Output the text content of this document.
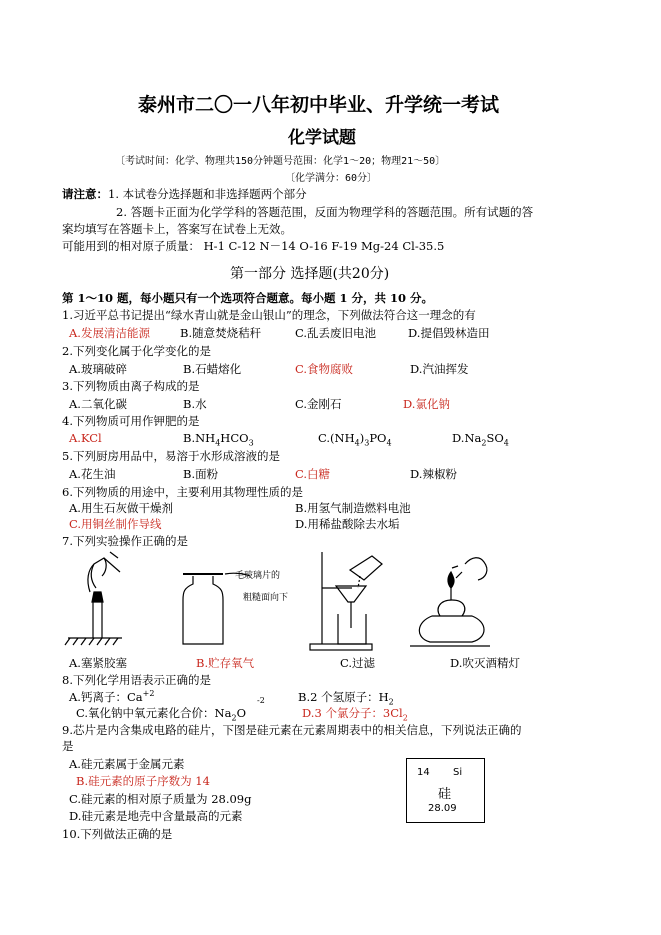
泰州市二〇一八年初中毕业、升学统一考试
化学试题
〔考试时间：化学、物理共150分钟题号范围：化学1～20；物理21～50〕
〔化学满分：60分〕
请注意：1. 本试卷分选择题和非选择题两个部分
2. 答题卡正面为化学学科的答题范围，反面为物理学科的答题范围。所有试题的答
案均填写在答题卡上，答案写在试卷上无效。
可能用到的相对原子质量： H-1 C-12 N－14 O-16 F-19 Mg-24 Cl-35.5
第一部分 选择题(共20分)
第 1～10 题，每小题只有一个选项符合题意。每小题 1 分，共 10 分。
1.习近平总书记提出“绿水青山就是金山银山”的理念，下列做法符合这一理念的有
A.发展清洁能源	B.随意焚烧秸秆	C.乱丢废旧电池	D.提倡毁林造田
2.下列变化属于化学变化的是
A.玻璃破碎	B.石蜡熔化	C.食物腐败	D.汽油挥发
3.下列物质由离子构成的是
A.二氧化碳	B.水	C.金刚石	D.氯化钠
4.下列物质可用作钾肥的是
A.KCl	$B.NH_4HCO_3$	$C.(NH_4)_3PO_4$	$D.Na_2SO_4$
5.下列厨房用品中，易溶于水形成溶液的是
A.花生油	B.面粉	C.白糖	D.辣椒粉
6.下列物质的用途中，主要利用其物理性质的是
A.用生石灰做干燥剂	B.用氢气制造燃料电池
C.用铜丝制作导线	D.用稀盐酸除去水垢
7.下列实验操作正确的是
毛玻璃片的
粗糙面向下
A.塞紧胶塞	B.贮存氧气	C.过滤	D.吹灭酒精灯
8.下列化学用语表示正确的是
A.钙离子：$Ca^{+2}$	B.2 个氢原子：$H_2$
C.氧化钠中氧元素化合价：$Na_2O$
-2
D.3 个氯分子：$3Cl_2$
9.芯片是内含集成电路的硅片，下图是硅元素在元素周期表中的相关信息，下列说法正确的
是
A.硅元素属于金属元素
B.硅元素的原子序数为 14
C.硅元素的相对原子质量为 28.09g
D.硅元素是地壳中含量最高的元素
14 Si
硅
28.09
10.下列做法正确的是
